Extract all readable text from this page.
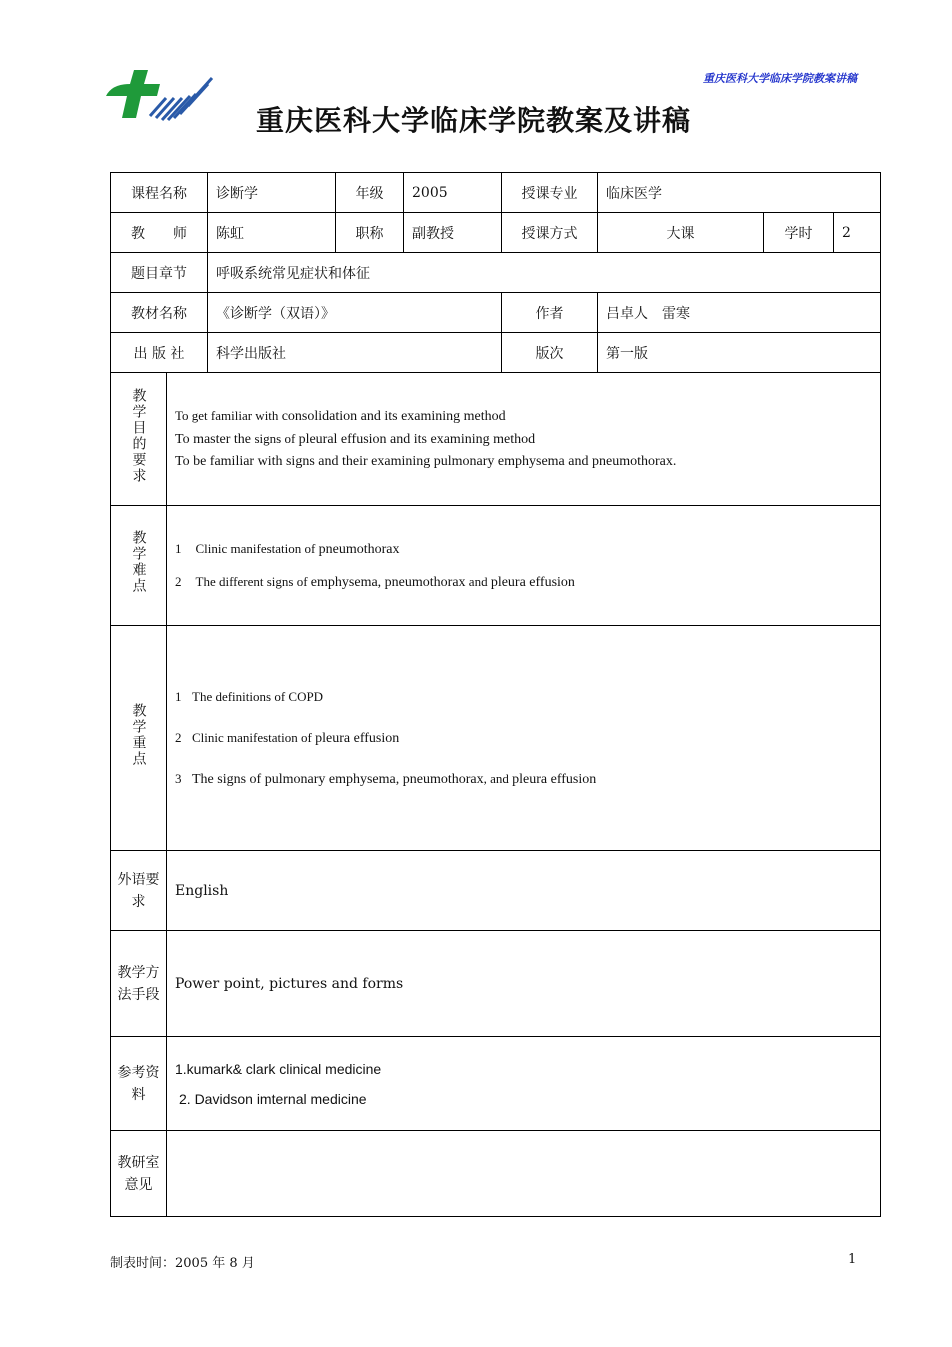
重庆医科大学临床学院教案讲稿
重庆医科大学临床学院教案及讲稿
课程名称		诊断学	年级	2005	授课专业	临床医学		
教　　师		陈虹	职称	副教授	授课方式	大课	学时	2
题目章节		呼吸系统常见症状和体征						
教材名称		《诊断学（双语）》			作者	吕卓人　雷寒		
出 版 社		科学出版社			版次	第一版		
教学目的要求	To get familiar with consolidation and its examining method
To master the signs of pleural effusion and its examining method
To be familiar with signs and their examining pulmonary emphysema and pneumothorax.							

教学难点	1 Clinic manifestation of pneumothorax
2 The different signs of emphysema, pneumothorax and pleura effusion							

教学重点	1 The definitions of COPD
2 Clinic manifestation of pleura effusion
3 The signs of pulmonary emphysema, pneumothorax, and pleura effusion							

外语要求	English							
教学方法手段	Power point, pictures and forms							
参考资料	1.kumark& clark clinical medicine
2. Davidson imternal medicine							

教研室意见								
制表时间：2005 年 8 月	1
